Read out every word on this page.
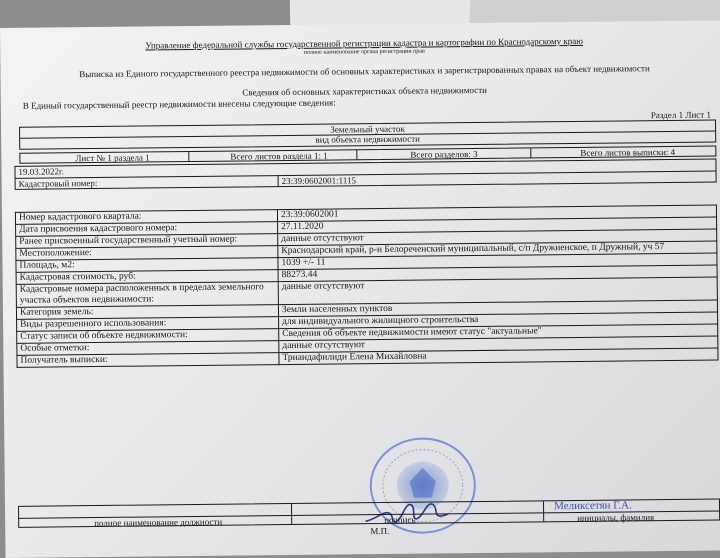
Управление федеральной службы государственной регистрации кадастра и картографии по Краснодарскому краю
полное наименование органа регистрации прав
Выписка из Единого государственного реестра недвижимости об основных характеристиках и зарегистрированных правах на объект недвижимости
Сведения об основных характеристиках объекта недвижимости
В Единый государственный реестр недвижимости внесены следующие сведения:
Раздел 1 Лист 1
Земельный участок
вид объекта недвижимости
Лист № 1 раздела 1	Всего листов раздела 1: 1	Всего разделов: 3	Всего листов выписки: 4
19.03.2022г.
Кадастровый номер:	23:39:0602001:1115
Номер кадастрового квартала:	23:39:0602001
Дата присвоения кадастрового номера:	27.11.2020
Ранее присвоенный государственный учетный номер:	данные отсутствуют
Местоположение:	Краснодарский край, р-н Белореченский муниципальный, с/п Дружненское, п Дружный, уч 57
Площадь, м2:	1039 +/- 11
Кадастровая стоимость, руб:	88273.44
Кадастровые номера расположенных в пределах земельного участка объектов недвижимости:	данные отсутствуют
Категория земель:	Земли населенных пунктов
Виды разрешенного использования:	для индивидуального жилищного строительства
Статус записи об объекте недвижимости:	Сведения об объекте недвижимости имеют статус "актуальные"
Особые отметки:	данные отсутствуют
Получатель выписки:	Триандафилиди Елена Михайловна
полное наименование должности	подпись
Меликсетян Г.А.
инициалы, фамилия
М.П.
